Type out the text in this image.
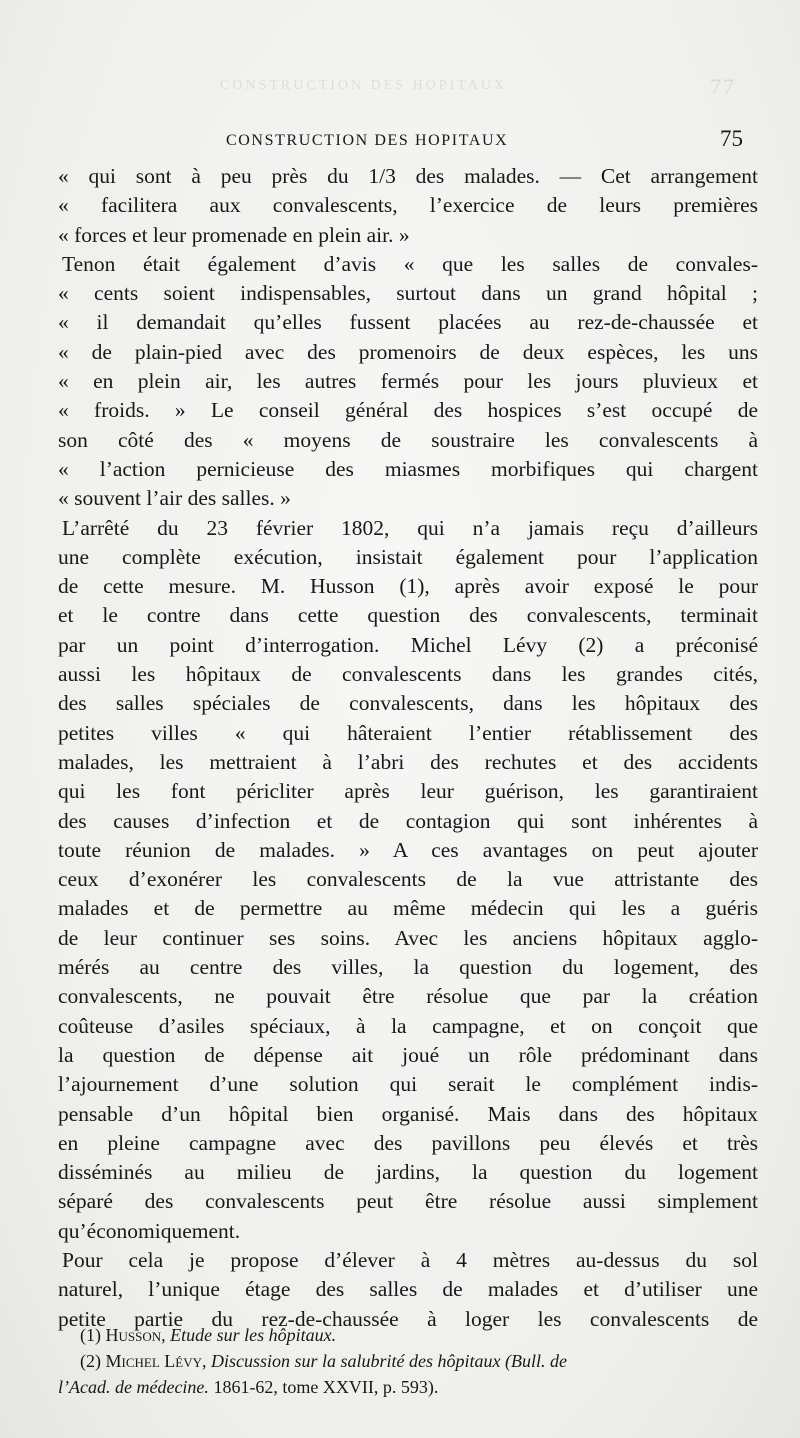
CONSTRUCTION DES HOPITAUX	77
CONSTRUCTION DES HOPITAUX	75
« qui sont à peu près du 1/3 des malades. — Cet arrangement
« facilitera aux convalescents, l’exercice de leurs premières
« forces et leur promenade en plein air. »
Tenon était également d’avis « que les salles de convales-
« cents soient indispensables, surtout dans un grand hôpital ;
« il demandait qu’elles fussent placées au rez-de-chaussée et
« de plain-pied avec des promenoirs de deux espèces, les uns
« en plein air, les autres fermés pour les jours pluvieux et
« froids. » Le conseil général des hospices s’est occupé de
son côté des « moyens de soustraire les convalescents à
« l’action pernicieuse des miasmes morbifiques qui chargent
« souvent l’air des salles. »
L’arrêté du 23 février 1802, qui n’a jamais reçu d’ailleurs
une complète exécution, insistait également pour l’application
de cette mesure. M. Husson (1), après avoir exposé le pour
et le contre dans cette question des convalescents, terminait
par un point d’interrogation. Michel Lévy (2) a préconisé
aussi les hôpitaux de convalescents dans les grandes cités,
des salles spéciales de convalescents, dans les hôpitaux des
petites villes « qui hâteraient l’entier rétablissement des
malades, les mettraient à l’abri des rechutes et des accidents
qui les font péricliter après leur guérison, les garantiraient
des causes d’infection et de contagion qui sont inhérentes à
toute réunion de malades. » A ces avantages on peut ajouter
ceux d’exonérer les convalescents de la vue attristante des
malades et de permettre au même médecin qui les a guéris
de leur continuer ses soins. Avec les anciens hôpitaux agglo-
mérés au centre des villes, la question du logement, des
convalescents, ne pouvait être résolue que par la création
coûteuse d’asiles spéciaux, à la campagne, et on conçoit que
la question de dépense ait joué un rôle prédominant dans
l’ajournement d’une solution qui serait le complément indis-
pensable d’un hôpital bien organisé. Mais dans des hôpitaux
en pleine campagne avec des pavillons peu élevés et très
disséminés au milieu de jardins, la question du logement
séparé des convalescents peut être résolue aussi simplement
qu’économiquement.
Pour cela je propose d’élever à 4 mètres au-dessus du sol
naturel, l’unique étage des salles de malades et d’utiliser une
petite partie du rez-de-chaussée à loger les convalescents de
(1) Husson, Etude sur les hôpitaux.
(2) Michel Lévy, Discussion sur la salubrité des hôpitaux (Bull. de
l’Acad. de médecine. 1861-62, tome XXVII, p. 593).
